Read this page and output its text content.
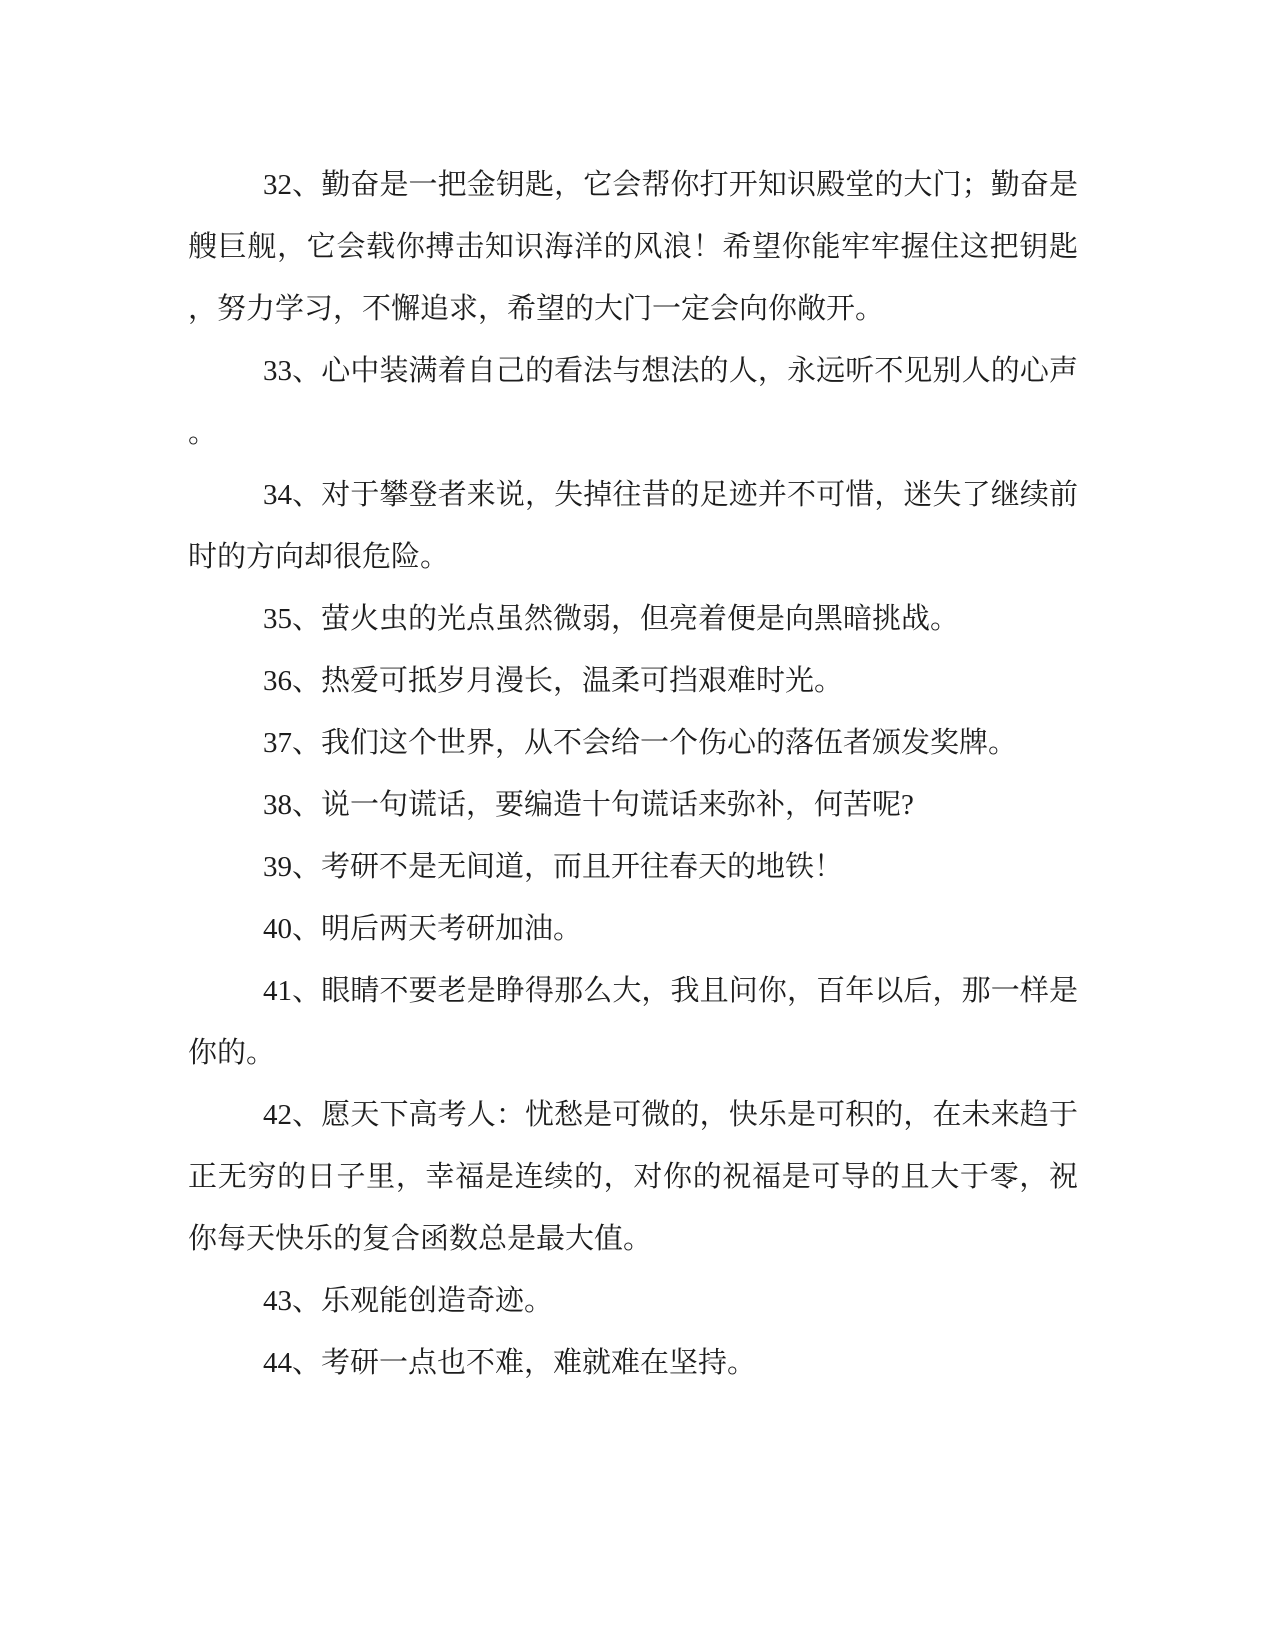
32、勤奋是一把金钥匙，它会帮你打开知识殿堂的大门；勤奋是
艘巨舰，它会载你搏击知识海洋的风浪！希望你能牢牢握住这把钥匙
，努力学习，不懈追求，希望的大门一定会向你敞开。

33、心中装满着自己的看法与想法的人，永远听不见别人的心声
。

34、对于攀登者来说，失掉往昔的足迹并不可惜，迷失了继续前
时的方向却很危险。

35、萤火虫的光点虽然微弱，但亮着便是向黑暗挑战。

36、热爱可抵岁月漫长，温柔可挡艰难时光。

37、我们这个世界，从不会给一个伤心的落伍者颁发奖牌。

38、说一句谎话，要编造十句谎话来弥补，何苦呢?

39、考研不是无间道，而且开往春天的地铁！

40、明后两天考研加油。

41、眼睛不要老是睁得那么大，我且问你，百年以后，那一样是
你的。

42、愿天下高考人：忧愁是可微的，快乐是可积的，在未来趋于
正无穷的日子里，幸福是连续的，对你的祝福是可导的且大于零，祝
你每天快乐的复合函数总是最大值。

43、乐观能创造奇迹。

44、考研一点也不难，难就难在坚持。
